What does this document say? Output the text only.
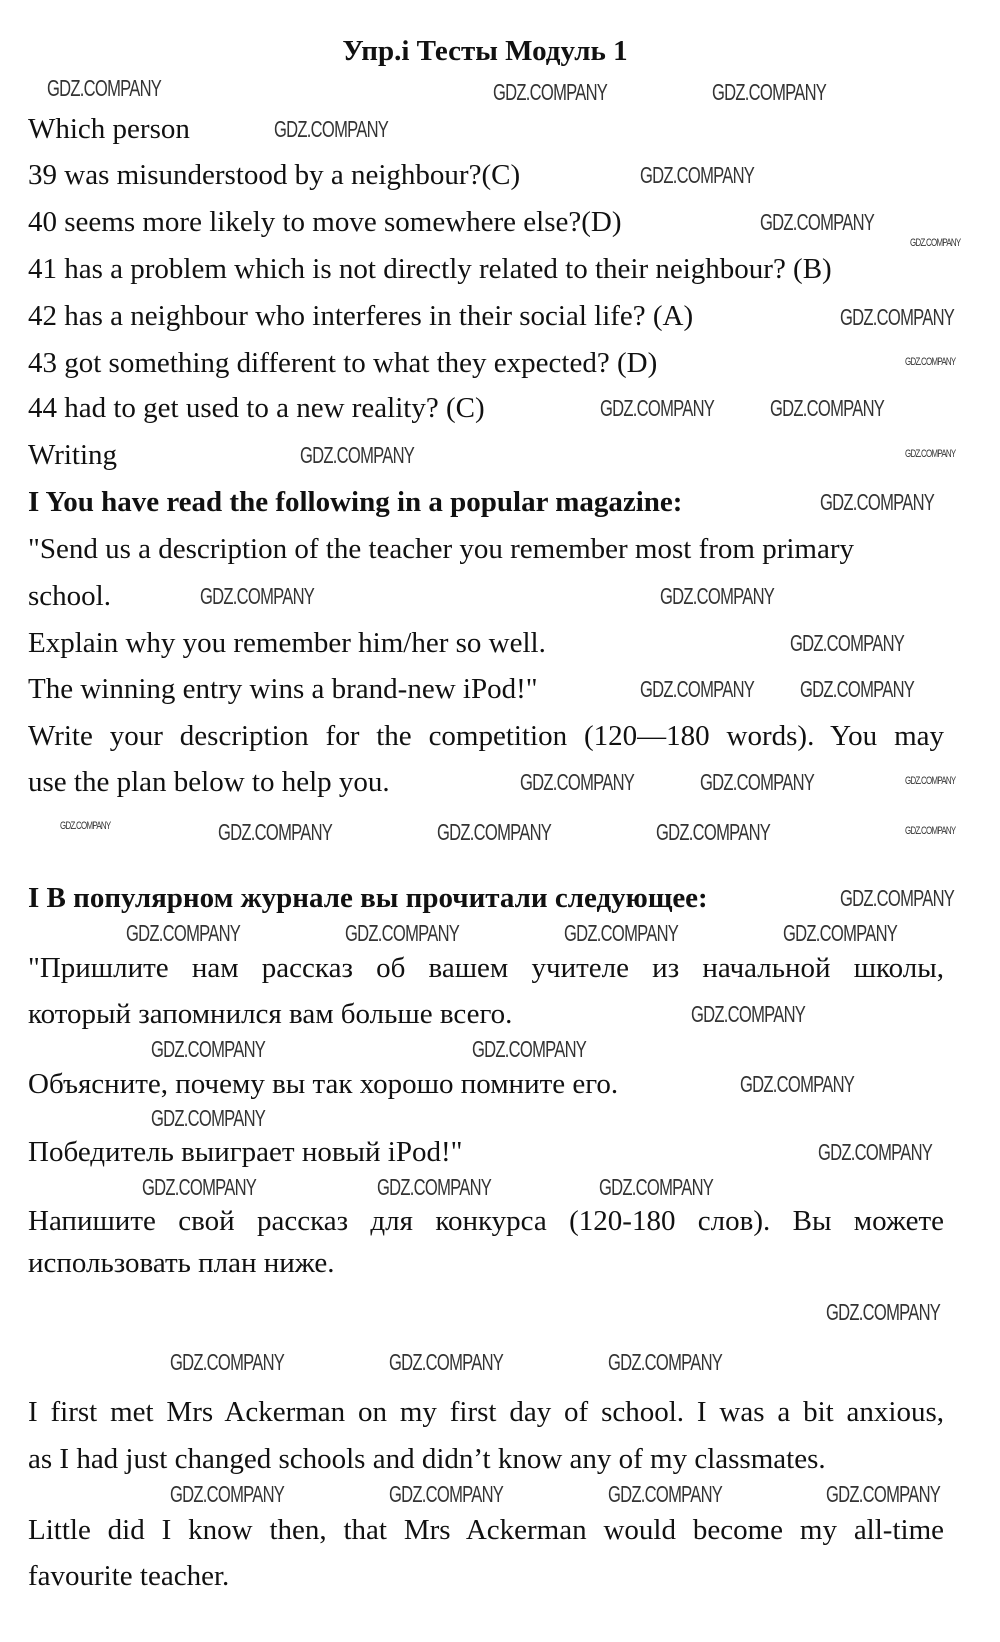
Упр.і Тесты Модуль 1
Which person
39 was misunderstood by a neighbour?(C)
40 seems more likely to move somewhere else?(D)
41 has a problem which is not directly related to their neighbour? (B)
42 has a neighbour who interferes in their social life? (A)
43 got something different to what they expected? (D)
44 had to get used to a new reality? (C)
Writing
I You have read the following in a popular magazine:
"Send us a description of the teacher you remember most from primary
school.
Explain why you remember him/her so well.
The winning entry wins a brand-new iPod!"
Write your description for the competition (120—180 words). You may
use the plan below to help you.
I В популярном журнале вы прочитали следующее:
"Пришлите нам рассказ об вашем учителе из начальной школы,
который запомнился вам больше всего.
Объясните, почему вы так хорошо помните его.
Победитель выиграет новый iPod!"
Напишите свой рассказ для конкурса (120-180 слов). Вы можете
использовать план ниже.
I first met Mrs Ackerman on my first day of school. I was a bit anxious,
as I had just changed schools and didn’t know any of my classmates.
Little did I know then, that Mrs Ackerman would become my all-time
favourite teacher.
GDZ.COMPANY	GDZ.COMPANY	GDZ.COMPANY
GDZ.COMPANY
GDZ.COMPANY
GDZ.COMPANY
GDZ.COMPANY
GDZ.COMPANY
GDZ.COMPANY
GDZ.COMPANY GDZ.COMPANY
GDZ.COMPANY	GDZ.COMPANY
GDZ.COMPANY
GDZ.COMPANY	GDZ.COMPANY
GDZ.COMPANY
GDZ.COMPANY GDZ.COMPANY
GDZ.COMPANY	GDZ.COMPANY	GDZ.COMPANY
GDZ.COMPANY	GDZ.COMPANY	GDZ.COMPANY	GDZ.COMPANY	GDZ.COMPANY
GDZ.COMPANY
GDZ.COMPANY	GDZ.COMPANY	GDZ.COMPANY	GDZ.COMPANY
GDZ.COMPANY
GDZ.COMPANY	GDZ.COMPANY
GDZ.COMPANY
GDZ.COMPANY
GDZ.COMPANY
GDZ.COMPANY	GDZ.COMPANY	GDZ.COMPANY
GDZ.COMPANY
GDZ.COMPANY	GDZ.COMPANY	GDZ.COMPANY
GDZ.COMPANY	GDZ.COMPANY	GDZ.COMPANY	GDZ.COMPANY
